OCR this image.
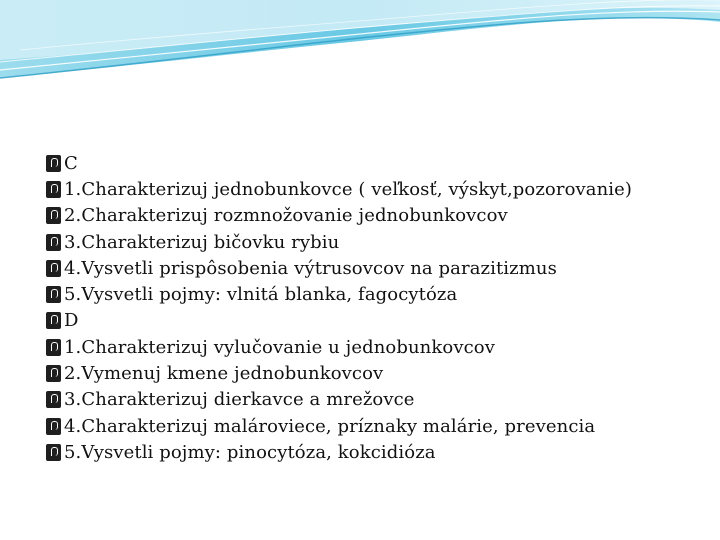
C
1.Charakterizuj jednobunkovce ( veľkosť, výskyt,pozorovanie)
2.Charakterizuj rozmnožovanie jednobunkovcov
3.Charakterizuj bičovku rybiu
4.Vysvetli prispôsobenia výtrusovcov na parazitizmus
5.Vysvetli pojmy: vlnitá blanka, fagocytóza
D
1.Charakterizuj vylučovanie u jednobunkovcov
2.Vymenuj kmene jednobunkovcov
3.Charakterizuj dierkavce a mrežovce
4.Charakterizuj malároviece, príznaky malárie, prevencia
5.Vysvetli pojmy: pinocytóza, kokcidióza
